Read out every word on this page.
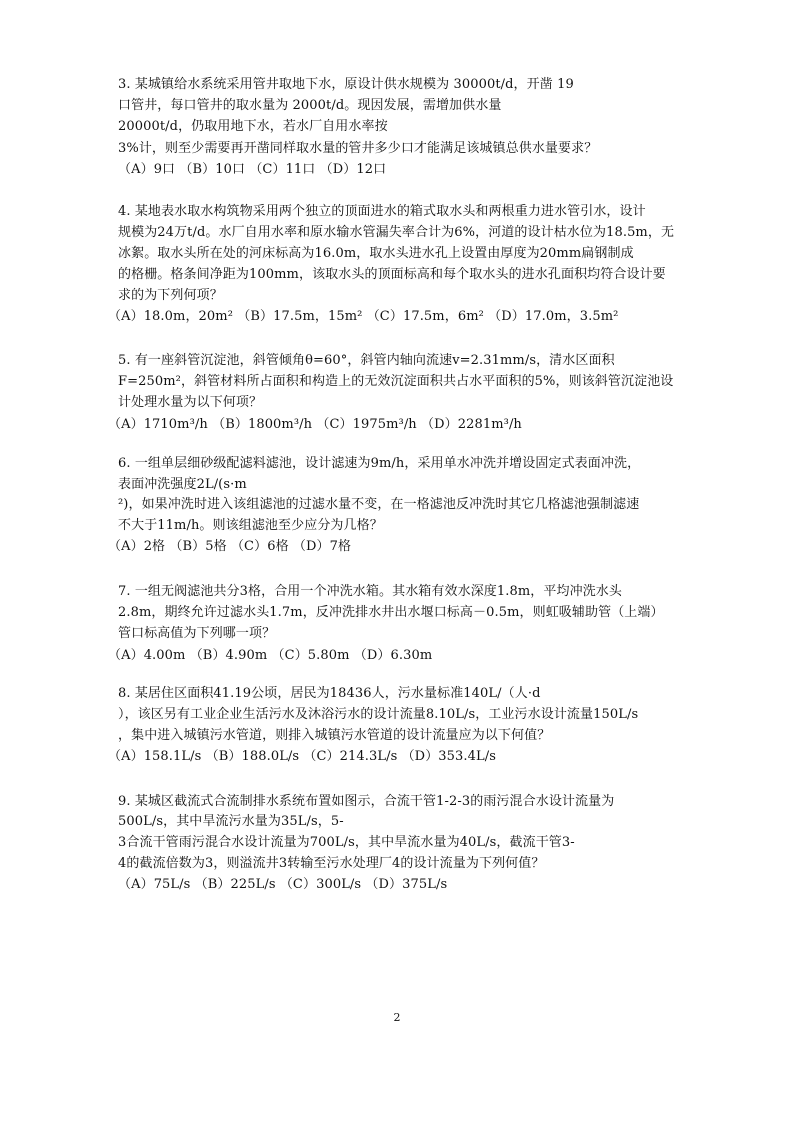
3. 某城镇给水系统采用管井取地下水，原设计供水规模为 30000t/d，开凿 19
口管井，每口管井的取水量为 2000t/d。现因发展，需增加供水量
20000t/d，仍取用地下水，若水厂自用水率按
3%计，则至少需要再开凿同样取水量的管井多少口才能满足该城镇总供水量要求？
（A）9口 （B）10口 （C）11口 （D）12口
4. 某地表水取水构筑物采用两个独立的顶面进水的箱式取水头和两根重力进水管引水，设计
规模为24万t/d。水厂自用水率和原水输水管漏失率合计为6%，河道的设计枯水位为18.5m，无
冰絮。取水头所在处的河床标高为16.0m，取水头进水孔上设置由厚度为20mm扁钢制成
的格栅。格条间净距为100mm，该取水头的顶面标高和每个取水头的进水孔面积均符合设计要
求的为下列何项？
（A）18.0m，20m² （B）17.5m，15m² （C）17.5m，6m² （D）17.0m，3.5m²
5. 有一座斜管沉淀池，斜管倾角θ=60°，斜管内轴向流速v=2.31mm/s，清水区面积
F=250m²，斜管材料所占面积和构造上的无效沉淀面积共占水平面积的5%，则该斜管沉淀池设
计处理水量为以下何项？
（A）1710m³/h （B）1800m³/h （C）1975m³/h （D）2281m³/h
6. 一组单层细砂级配滤料滤池，设计滤速为9m/h，采用单水冲洗并增设固定式表面冲洗，
表面冲洗强度2L/(s·m
²)，如果冲洗时进入该组滤池的过滤水量不变，在一格滤池反冲洗时其它几格滤池强制滤速
不大于11m/h。则该组滤池至少应分为几格？
（A）2格 （B）5格 （C）6格 （D）7格
7. 一组无阀滤池共分3格，合用一个冲洗水箱。其水箱有效水深度1.8m，平均冲洗水头
2.8m，期终允许过滤水头1.7m，反冲洗排水井出水堰口标高－0.5m，则虹吸辅助管（上端）
管口标高值为下列哪一项？
（A）4.00m （B）4.90m （C）5.80m （D）6.30m
8. 某居住区面积41.19公顷，居民为18436人，污水量标准140L/（人·d
），该区另有工业企业生活污水及沐浴污水的设计流量8.10L/s，工业污水设计流量150L/s
，集中进入城镇污水管道，则排入城镇污水管道的设计流量应为以下何值？
（A）158.1L/s （B）188.0L/s （C）214.3L/s （D）353.4L/s
9. 某城区截流式合流制排水系统布置如图示，合流干管1-2-3的雨污混合水设计流量为
500L/s，其中旱流污水量为35L/s，5-
3合流干管雨污混合水设计流量为700L/s，其中旱流水量为40L/s，截流干管3-
4的截流倍数为3，则溢流井3转输至污水处理厂4的设计流量为下列何值？
（A）75L/s （B）225L/s （C）300L/s （D）375L/s
2
